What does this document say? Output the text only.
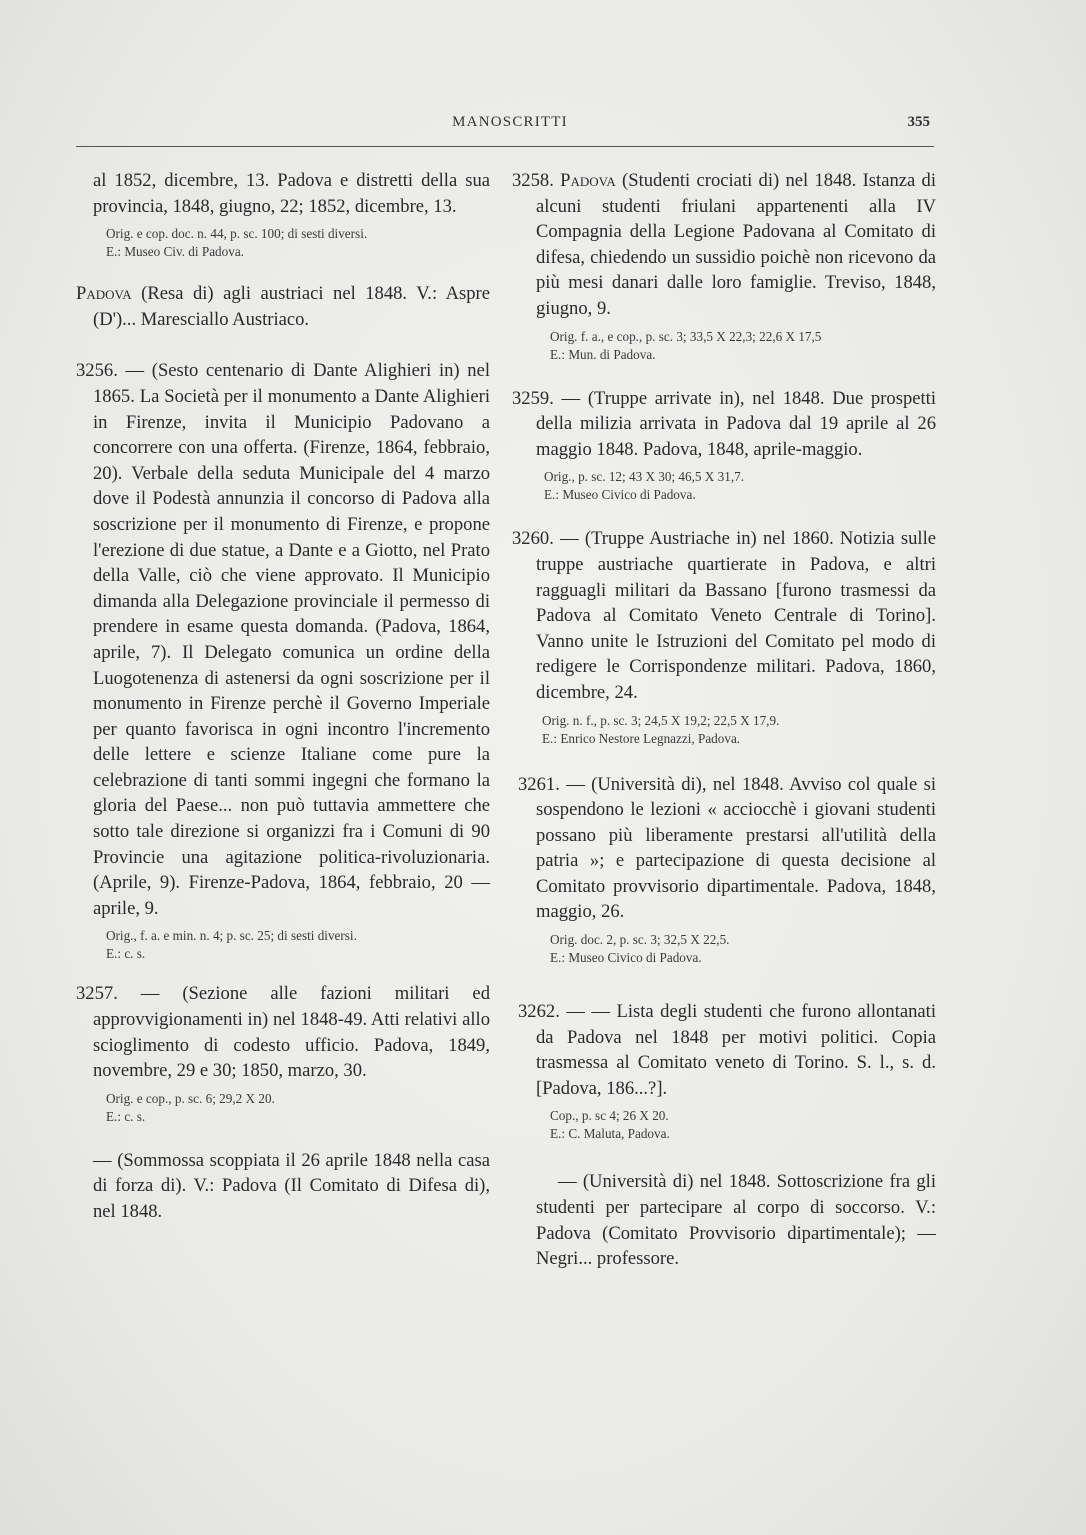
MANOSCRITTI	355
al 1852, dicembre, 13. Padova e distretti della sua provincia, 1848, giugno, 22; 1852, dicembre, 13.
Orig. e cop. doc. n. 44, p. sc. 100; di sesti diversi.
E.: Museo Civ. di Padova.
Padova (Resa di) agli austriaci nel 1848. V.: Aspre (D')... Maresciallo Austriaco.
3256. — (Sesto centenario di Dante Alighieri in) nel 1865. La Società per il monumento a Dante Alighieri in Firenze, invita il Municipio Padovano a concorrere con una offerta. (Firenze, 1864, febbraio, 20). Verbale della seduta Municipale del 4 marzo dove il Podestà annunzia il concorso di Padova alla soscrizione per il monumento di Firenze, e propone l'erezione di due statue, a Dante e a Giotto, nel Prato della Valle, ciò che viene approvato. Il Municipio dimanda alla Delegazione provinciale il permesso di prendere in esame questa domanda. (Padova, 1864, aprile, 7). Il Delegato comunica un ordine della Luogotenenza di astenersi da ogni soscrizione per il monumento in Firenze perchè il Governo Imperiale per quanto favorisca in ogni incontro l'incremento delle lettere e scienze Italiane come pure la celebrazione di tanti sommi ingegni che formano la gloria del Paese... non può tuttavia ammettere che sotto tale direzione si organizzi fra i Comuni di 90 Provincie una agitazione politica-rivoluzionaria. (Aprile, 9). Firenze-Padova, 1864, febbraio, 20 — aprile, 9.
Orig., f. a. e min. n. 4; p. sc. 25; di sesti diversi.
E.: c. s.
3257. — (Sezione alle fazioni militari ed approvvigionamenti in) nel 1848-49. Atti relativi allo scioglimento di codesto ufficio. Padova, 1849, novembre, 29 e 30; 1850, marzo, 30.
Orig. e cop., p. sc. 6; 29,2 X 20.
E.: c. s.
— (Sommossa scoppiata il 26 aprile 1848 nella casa di forza di). V.: Padova (Il Comitato di Difesa di), nel 1848.
3258. Padova (Studenti crociati di) nel 1848. Istanza di alcuni studenti friulani appartenenti alla IV Compagnia della Legione Padovana al Comitato di difesa, chiedendo un sussidio poichè non ricevono da più mesi danari dalle loro famiglie. Treviso, 1848, giugno, 9.
Orig. f. a., e cop., p. sc. 3; 33,5 X 22,3; 22,6 X 17,5
E.: Mun. di Padova.
3259. — (Truppe arrivate in), nel 1848. Due prospetti della milizia arrivata in Padova dal 19 aprile al 26 maggio 1848. Padova, 1848, aprile-maggio.
Orig., p. sc. 12; 43 X 30; 46,5 X 31,7.
E.: Museo Civico di Padova.
3260. — (Truppe Austriache in) nel 1860. Notizia sulle truppe austriache quartierate in Padova, e altri ragguagli militari da Bassano [furono trasmessi da Padova al Comitato Veneto Centrale di Torino]. Vanno unite le Istruzioni del Comitato pel modo di redigere le Corrispondenze militari. Padova, 1860, dicembre, 24.
Orig. n. f., p. sc. 3; 24,5 X 19,2; 22,5 X 17,9.
E.: Enrico Nestore Legnazzi, Padova.
3261. — (Università di), nel 1848. Avviso col quale si sospendono le lezioni « acciocchè i giovani studenti possano più liberamente prestarsi all'utilità della patria »; e partecipazione di questa decisione al Comitato provvisorio dipartimentale. Padova, 1848, maggio, 26.
Orig. doc. 2, p. sc. 3; 32,5 X 22,5.
E.: Museo Civico di Padova.
3262. — — Lista degli studenti che furono allontanati da Padova nel 1848 per motivi politici. Copia trasmessa al Comitato veneto di Torino. S. l., s. d. [Padova, 186...?].
Cop., p. sc 4; 26 X 20.
E.: C. Maluta, Padova.
— (Università di) nel 1848. Sottoscrizione fra gli studenti per partecipare al corpo di soccorso. V.: Padova (Comitato Provvisorio dipartimentale); — Negri... professore.
